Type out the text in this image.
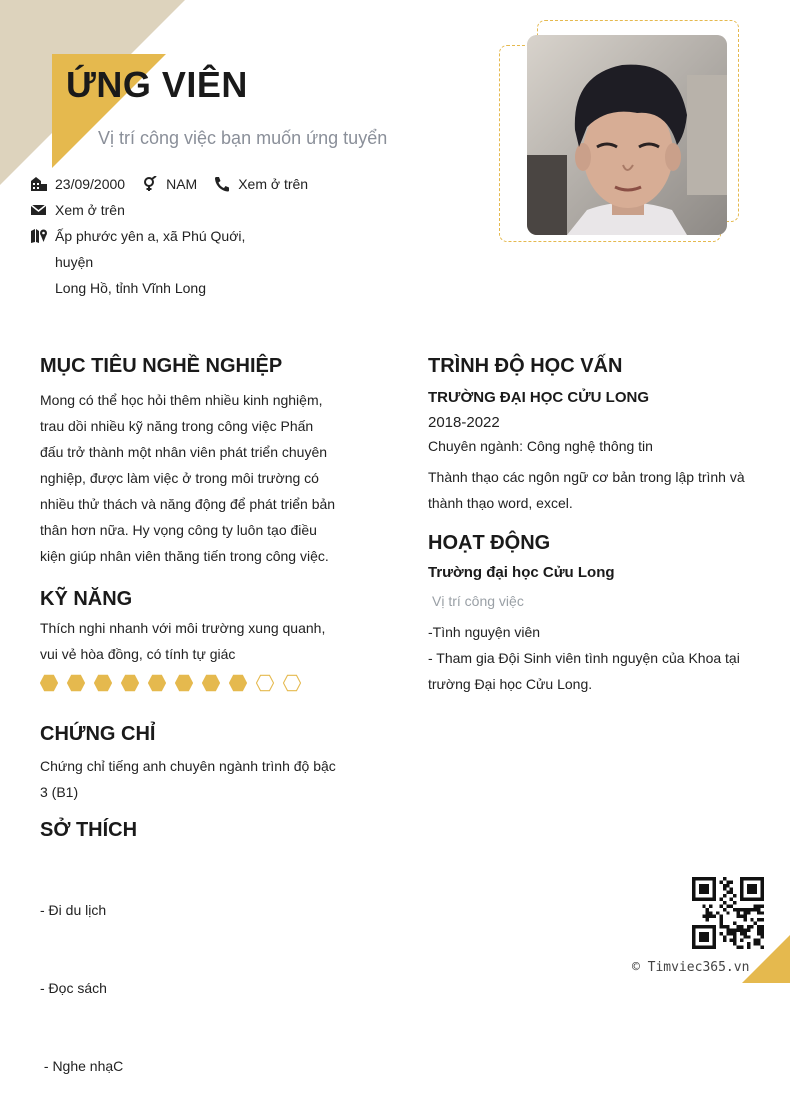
ỨNG VIÊN
Vị trí công việc bạn muốn ứng tuyển
23/09/2000	NAM	Xem ở trên
Xem ở trên
Ấp phước yên a, xã Phú Quới,
huyện
Long Hồ, tỉnh Vĩnh Long
MỤC TIÊU NGHỀ NGHIỆP
Mong có thể học hỏi thêm nhiều kinh nghiệm,
trau dồi nhiều kỹ năng trong công việc Phấn
đấu trở thành một nhân viên phát triển chuyên
nghiệp, được làm việc ở trong môi trường có
nhiều thử thách và năng động để phát triển bản
thân hơn nữa. Hy vọng công ty luôn tạo điều
kiện giúp nhân viên thăng tiến trong công việc.
KỸ NĂNG
Thích nghi nhanh với môi trường xung quanh,
vui vẻ hòa đồng, có tính tự giác
CHỨNG CHỈ
Chứng chỉ tiếng anh chuyên ngành trình độ bậc
3 (B1)
SỞ THÍCH

- Đi du lịch

- Đọc sách

- Nghe nhạC

TRÌNH ĐỘ HỌC VẤN
TRƯỜNG ĐẠI HỌC CỬU LONG
2018-2022
Chuyên ngành: Công nghệ thông tin
Thành thạo các ngôn ngữ cơ bản trong lập trình và
thành thạo word, excel.
HOẠT ĐỘNG
Trường đại học Cửu Long
Vị trí công việc
-Tình nguyện viên
- Tham gia Đội Sinh viên tình nguyện của Khoa tại
trường Đại học Cửu Long.
© Timviec365.vn
